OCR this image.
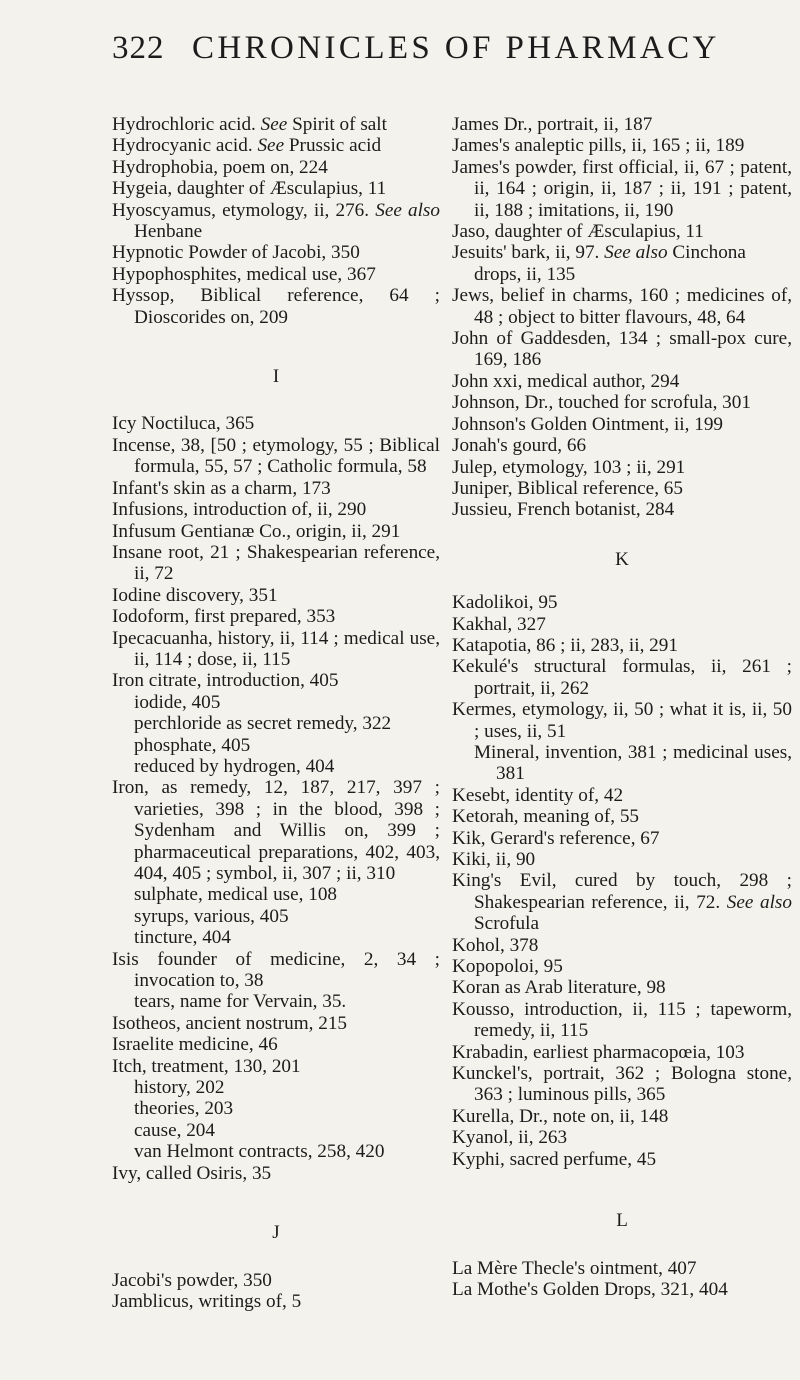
322 CHRONICLES OF PHARMACY
Hydrochloric acid. See Spirit of salt
Hydrocyanic acid. See Prussic acid
Hydrophobia, poem on, 224
Hygeia, daughter of Æsculapius, 11
Hyoscyamus, etymology, ii, 276. See also Henbane
Hypnotic Powder of Jacobi, 350
Hypophosphites, medical use, 367
Hyssop, Biblical reference, 64 ; Dioscorides on, 209
I
Icy Noctiluca, 365
Incense, 38, [50 ; etymology, 55 ; Biblical formula, 55, 57 ; Catholic formula, 58
Infant's skin as a charm, 173
Infusions, introduction of, ii, 290
Infusum Gentianæ Co., origin, ii, 291
Insane root, 21 ; Shakespearian reference, ii, 72
Iodine discovery, 351
Iodoform, first prepared, 353
Ipecacuanha, history, ii, 114 ; medical use, ii, 114 ; dose, ii, 115
Iron citrate, introduction, 405
iodide, 405
perchloride as secret remedy, 322
phosphate, 405
reduced by hydrogen, 404
Iron, as remedy, 12, 187, 217, 397 ; varieties, 398 ; in the blood, 398 ; Sydenham and Willis on, 399 ; pharmaceutical preparations, 402, 403, 404, 405 ; symbol, ii, 307 ; ii, 310
sulphate, medical use, 108
syrups, various, 405
tincture, 404
Isis founder of medicine, 2, 34 ; invocation to, 38
tears, name for Vervain, 35.
Isotheos, ancient nostrum, 215
Israelite medicine, 46
Itch, treatment, 130, 201
history, 202
theories, 203
cause, 204
van Helmont contracts, 258, 420
Ivy, called Osiris, 35
J
Jacobi's powder, 350
Jamblicus, writings of, 5
James Dr., portrait, ii, 187
James's analeptic pills, ii, 165 ; ii, 189
James's powder, first official, ii, 67 ; patent, ii, 164 ; origin, ii, 187 ; ii, 191 ; patent, ii, 188 ; imitations, ii, 190
Jaso, daughter of Æsculapius, 11
Jesuits' bark, ii, 97. See also Cinchona
drops, ii, 135
Jews, belief in charms, 160 ; medicines of, 48 ; object to bitter flavours, 48, 64
John of Gaddesden, 134 ; small-pox cure, 169, 186
John xxi, medical author, 294
Johnson, Dr., touched for scrofula, 301
Johnson's Golden Ointment, ii, 199
Jonah's gourd, 66
Julep, etymology, 103 ; ii, 291
Juniper, Biblical reference, 65
Jussieu, French botanist, 284
K
Kadolikoi, 95
Kakhal, 327
Katapotia, 86 ; ii, 283, ii, 291
Kekulé's structural formulas, ii, 261 ; portrait, ii, 262
Kermes, etymology, ii, 50 ; what it is, ii, 50 ; uses, ii, 51
Mineral, invention, 381 ; medicinal uses, 381
Kesebt, identity of, 42
Ketorah, meaning of, 55
Kik, Gerard's reference, 67
Kiki, ii, 90
King's Evil, cured by touch, 298 ; Shakespearian reference, ii, 72. See also Scrofula
Kohol, 378
Kopopoloi, 95
Koran as Arab literature, 98
Kousso, introduction, ii, 115 ; tapeworm, remedy, ii, 115
Krabadin, earliest pharmacopœia, 103
Kunckel's, portrait, 362 ; Bologna stone, 363 ; luminous pills, 365
Kurella, Dr., note on, ii, 148
Kyanol, ii, 263
Kyphi, sacred perfume, 45
L
La Mère Thecle's ointment, 407
La Mothe's Golden Drops, 321, 404
